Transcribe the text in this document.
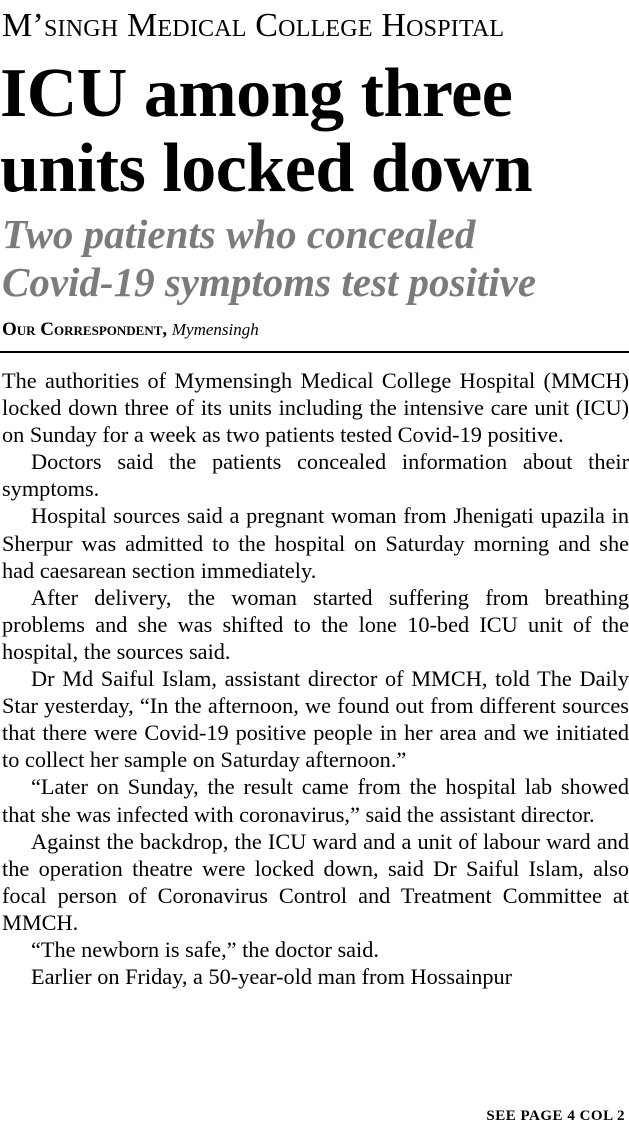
M’singh Medical College Hospital
ICU among three
units locked down
Two patients who concealed
Covid-19 symptoms test positive
Our Correspondent, Mymensingh

The authorities of Mymensingh Medical College Hospital (MMCH) locked down three of its units including the intensive care unit (ICU) on Sunday for a week as two patients tested Covid-19 positive.

Doctors said the patients concealed information about their symptoms.

Hospital sources said a pregnant woman from Jhenigati upazila in Sherpur was admitted to the hospital on Saturday morning and she had caesarean section immediately.

After delivery, the woman started suffering from breathing problems and she was shifted to the lone 10-bed ICU unit of the hospital, the sources said.

Dr Md Saiful Islam, assistant director of MMCH, told The Daily Star yesterday, “In the afternoon, we found out from different sources that there were Covid-19 positive people in her area and we initiated to collect her sample on Saturday afternoon.”

“Later on Sunday, the result came from the hospital lab showed that she was infected with coronavirus,” said the assistant director.

Against the backdrop, the ICU ward and a unit of labour ward and the operation theatre were locked down, said Dr Saiful Islam, also focal person of Coronavirus Control and Treatment Committee at MMCH.

“The newborn is safe,” the doctor said.

Earlier on Friday, a 50-year-old man from Hossainpur

SEE PAGE 4 COL 2
